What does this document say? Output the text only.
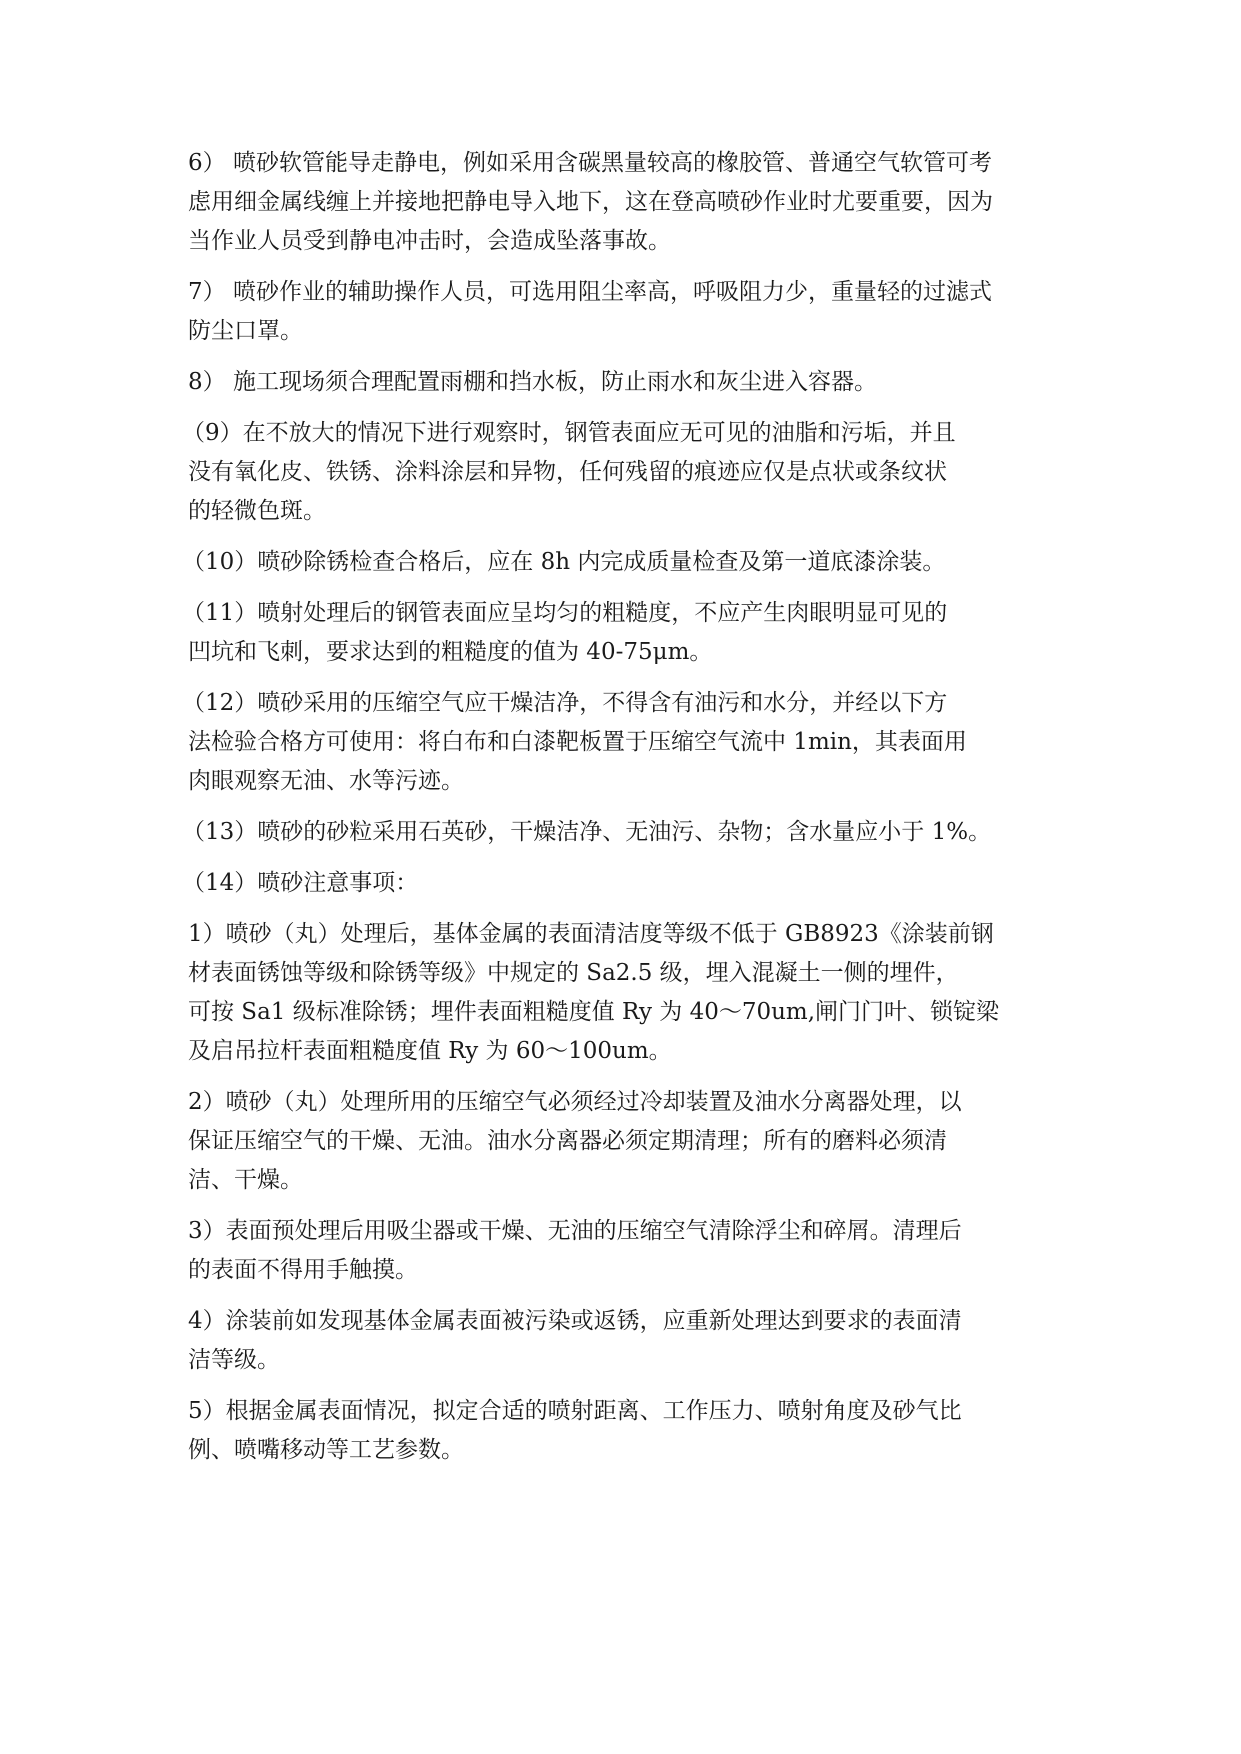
6） 喷砂软管能导走静电，例如采用含碳黑量较高的橡胶管、普通空气软管可考
虑用细金属线缠上并接地把静电导入地下，这在登高喷砂作业时尤要重要，因为
当作业人员受到静电冲击时，会造成坠落事故。

7） 喷砂作业的辅助操作人员，可选用阻尘率高，呼吸阻力少，重量轻的过滤式
防尘口罩。

8） 施工现场须合理配置雨棚和挡水板，防止雨水和灰尘进入容器。

（9）在不放大的情况下进行观察时，钢管表面应无可见的油脂和污垢，并且
没有氧化皮、铁锈、涂料涂层和异物，任何残留的痕迹应仅是点状或条纹状
的轻微色斑。

（10）喷砂除锈检查合格后，应在 8h 内完成质量检查及第一道底漆涂装。

（11）喷射处理后的钢管表面应呈均匀的粗糙度，不应产生肉眼明显可见的
凹坑和飞刺，要求达到的粗糙度的值为 40-75μm。

（12）喷砂采用的压缩空气应干燥洁净，不得含有油污和水分，并经以下方
法检验合格方可使用：将白布和白漆靶板置于压缩空气流中 1min，其表面用
肉眼观察无油、水等污迹。

（13）喷砂的砂粒采用石英砂，干燥洁净、无油污、杂物；含水量应小于 1%。

（14）喷砂注意事项：

1）喷砂（丸）处理后，基体金属的表面清洁度等级不低于 GB8923《涂装前钢
材表面锈蚀等级和除锈等级》中规定的 Sa2.5 级，埋入混凝土一侧的埋件，
可按 Sa1 级标准除锈；埋件表面粗糙度值 Ry 为 40～70um,闸门门叶、锁锭梁
及启吊拉杆表面粗糙度值 Ry 为 60～100um。

2）喷砂（丸）处理所用的压缩空气必须经过冷却装置及油水分离器处理，以
保证压缩空气的干燥、无油。油水分离器必须定期清理；所有的磨料必须清
洁、干燥。

3）表面预处理后用吸尘器或干燥、无油的压缩空气清除浮尘和碎屑。清理后
的表面不得用手触摸。

4）涂装前如发现基体金属表面被污染或返锈，应重新处理达到要求的表面清
洁等级。

5）根据金属表面情况，拟定合适的喷射距离、工作压力、喷射角度及砂气比
例、喷嘴移动等工艺参数。
